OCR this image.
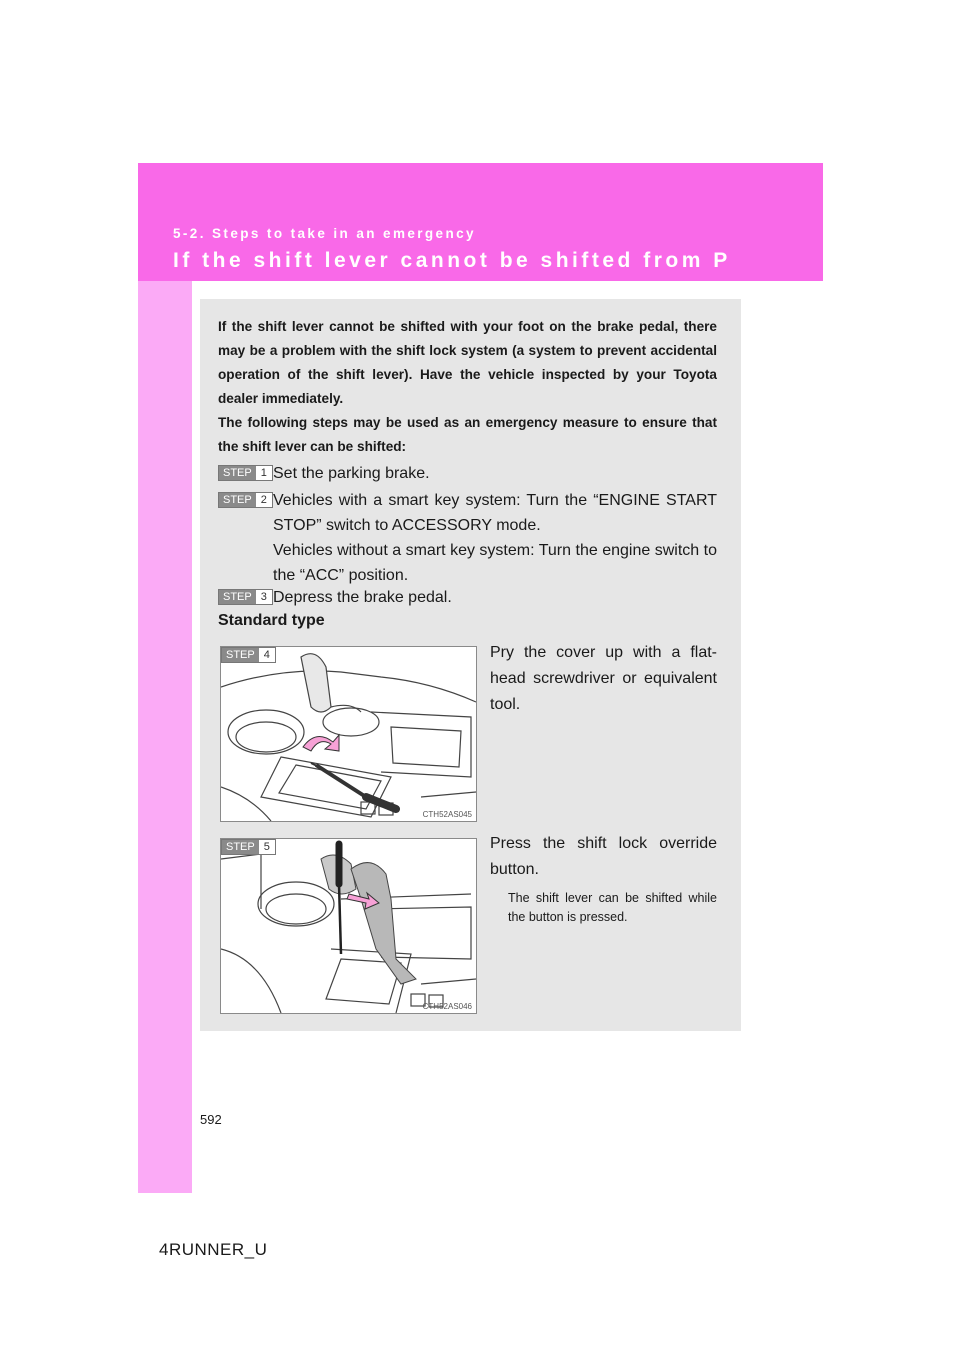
5-2. Steps to take in an emergency
If the shift lever cannot be shifted from P

If the shift lever cannot be shifted with your foot on the brake pedal, there may be a problem with the shift lock system (a system to prevent accidental operation of the shift lever). Have the vehicle inspected by your Toyota dealer immediately.

The following steps may be used as an emergency measure to ensure that the shift lever can be shifted:

STEP 1 Set the parking brake.
STEP 2 Vehicles with a smart key system: Turn the “ENGINE START STOP” switch to ACCESSORY mode.
Vehicles without a smart key system: Turn the engine switch to the “ACC” position.
STEP 3 Depress the brake pedal.
Standard type
CTH52AS045
STEP 4	Pry the cover up with a flat-head screwdriver or equivalent tool.
CTH52AS046
STEP 5	Press the shift lock override button.
The shift lever can be shifted while the button is pressed.
592
4RUNNER_U
